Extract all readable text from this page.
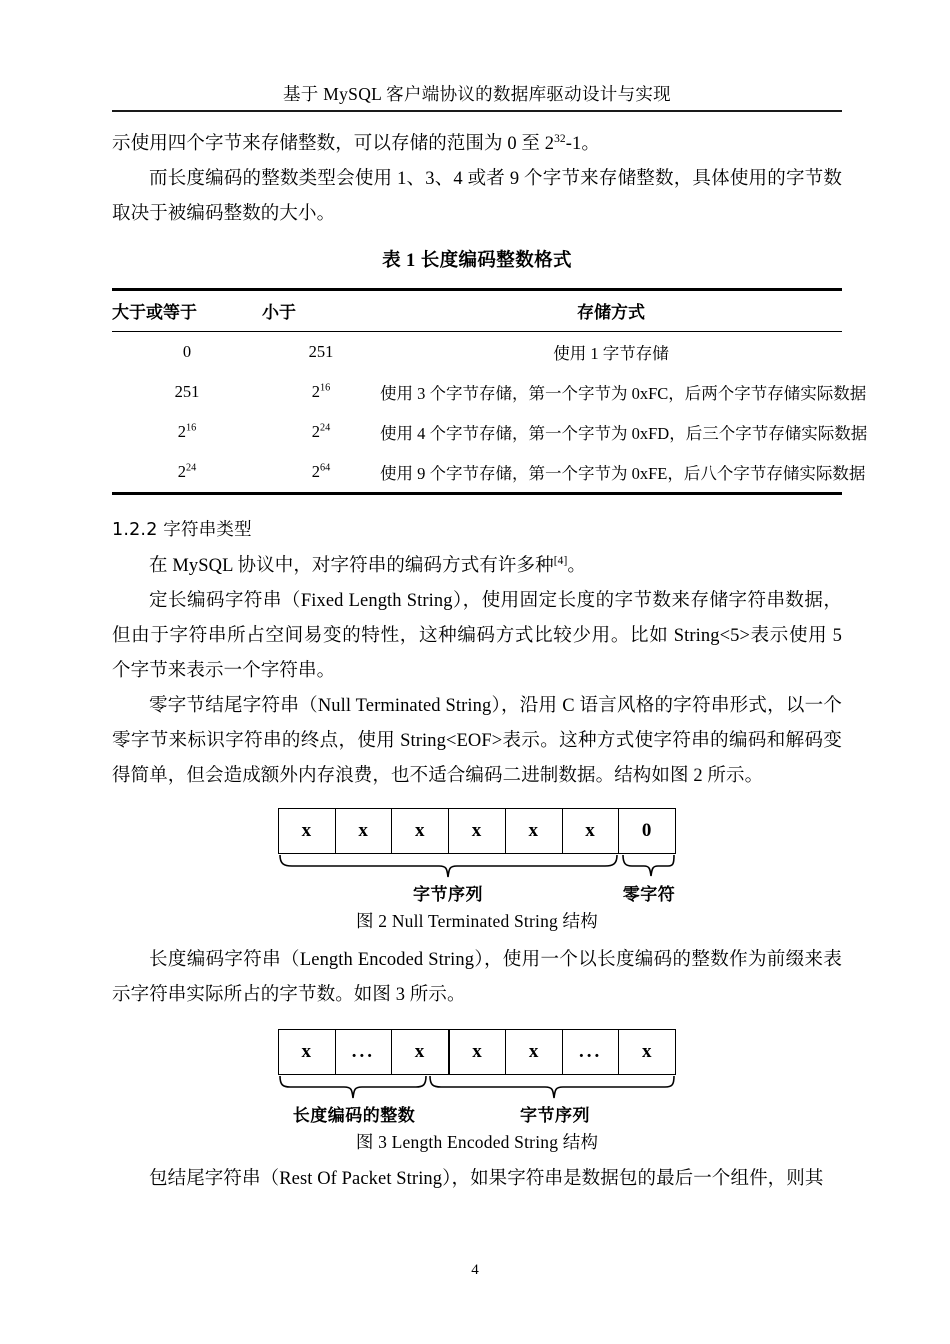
基于 MySQL 客户端协议的数据库驱动设计与实现

示使用四个字节来存储整数，可以存储的范围为 0 至 $2^{32}-1$。

而长度编码的整数类型会使用 1、3、4 或者 9 个字节来存储整数，具体使用的字节数取决于被编码整数的大小。

表 1 长度编码整数格式

大于或等于	小于	存储方式
0	251	使用 1 字节存储
251	$2^{16}$	使用 3 个字节存储，第一个字节为 0xFC，后两个字节存储实际数据
$2^{16}$	$2^{24}$	使用 4 个字节存储，第一个字节为 0xFD，后三个字节存储实际数据
$2^{24}$	$2^{64}$	使用 9 个字节存储，第一个字节为 0xFE，后八个字节存储实际数据
1.2.2 字符串类型

在 MySQL 协议中，对字符串的编码方式有许多种[4]。

定长编码字符串（Fixed Length String），使用固定长度的字节数来存储字符串数据，但由于字符串所占空间易变的特性，这种编码方式比较少用。比如 String<5>表示使用 5 个字节来表示一个字符串。

零字节结尾字符串（Null Terminated String），沿用 C 语言风格的字符串形式，以一个零字节来标识字符串的终点，使用 String<EOF>表示。这种方式使字符串的编码和解码变得简单，但会造成额外内存浪费，也不适合编码二进制数据。结构如图 2 所示。

x	x	x	x	x	x	0
字节序列	零字符
图 2 Null Terminated String 结构

长度编码字符串（Length Encoded String），使用一个以长度编码的整数作为前缀来表示字符串实际所占的字节数。如图 3 所示。

x	...	x	x	x	...	x
长度编码的整数	字节序列
图 3 Length Encoded String 结构

包结尾字符串（Rest Of Packet String），如果字符串是数据包的最后一个组件，则其

4
